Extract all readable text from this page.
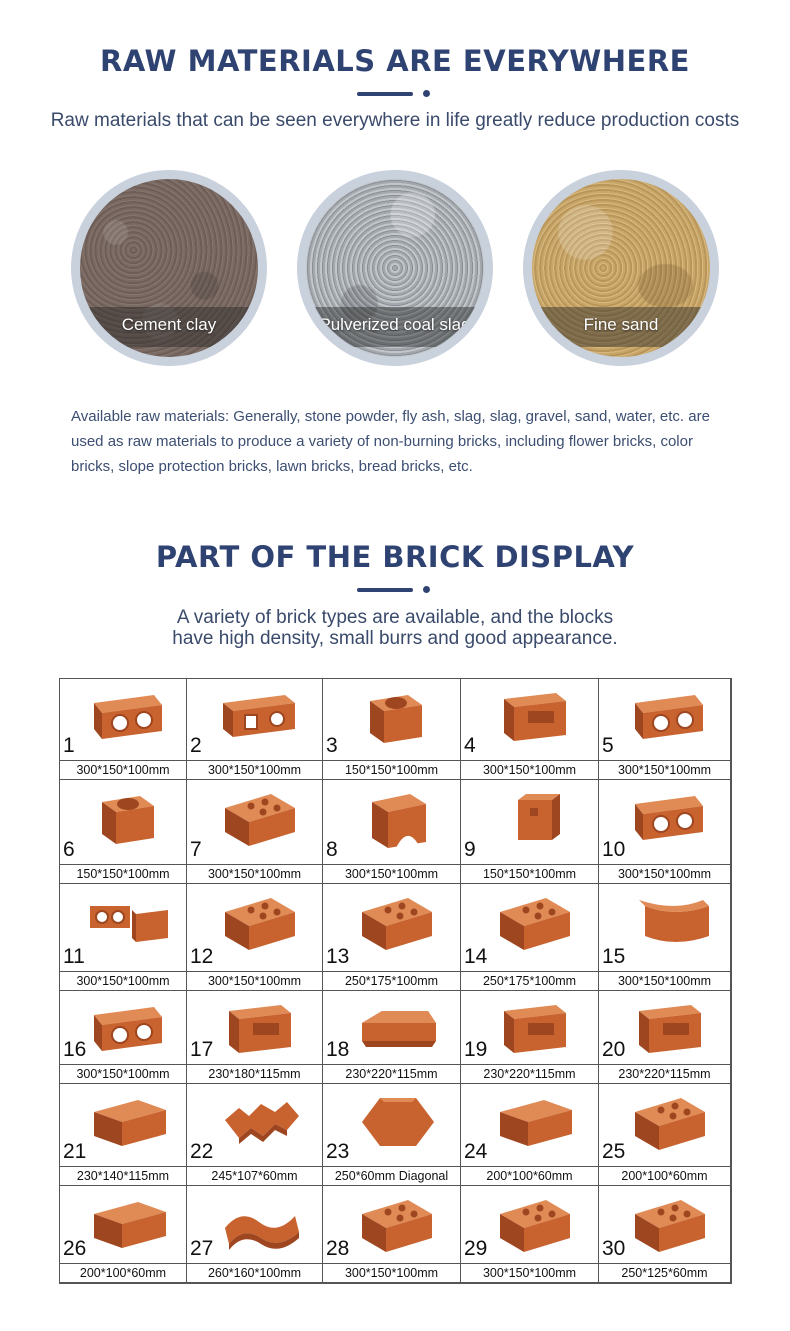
RAW MATERIALS ARE EVERYWHERE
Raw materials that can be seen everywhere in life greatly reduce production costs
Cement clay	Pulverized coal slag	Fine sand
Available raw materials: Generally, stone powder, fly ash, slag, slag, gravel, sand, water, etc. are used as raw materials to produce a variety of non-burning bricks, including flower bricks, color bricks, slope protection bricks, lawn bricks, bread bricks, etc.
PART OF THE BRICK DISPLAY
A variety of brick types are available, and the blocks
have high density, small burrs and good appearance.
1
300*150*100mm
2
300*150*100mm
3
150*150*100mm
4
300*150*100mm
5
300*150*100mm
6
150*150*100mm
7
300*150*100mm
8
300*150*100mm
9
150*150*100mm
10
300*150*100mm
11
300*150*100mm
12
300*150*100mm
13
250*175*100mm
14
250*175*100mm
15
300*150*100mm
16
300*150*100mm
17
230*180*115mm
18
230*220*115mm
19
230*220*115mm
20
230*220*115mm
21
230*140*115mm
22
245*107*60mm
23
250*60mm Diagonal
24
200*100*60mm
25
200*100*60mm
26
200*100*60mm
27
260*160*100mm
28
300*150*100mm
29
300*150*100mm
30
250*125*60mm
